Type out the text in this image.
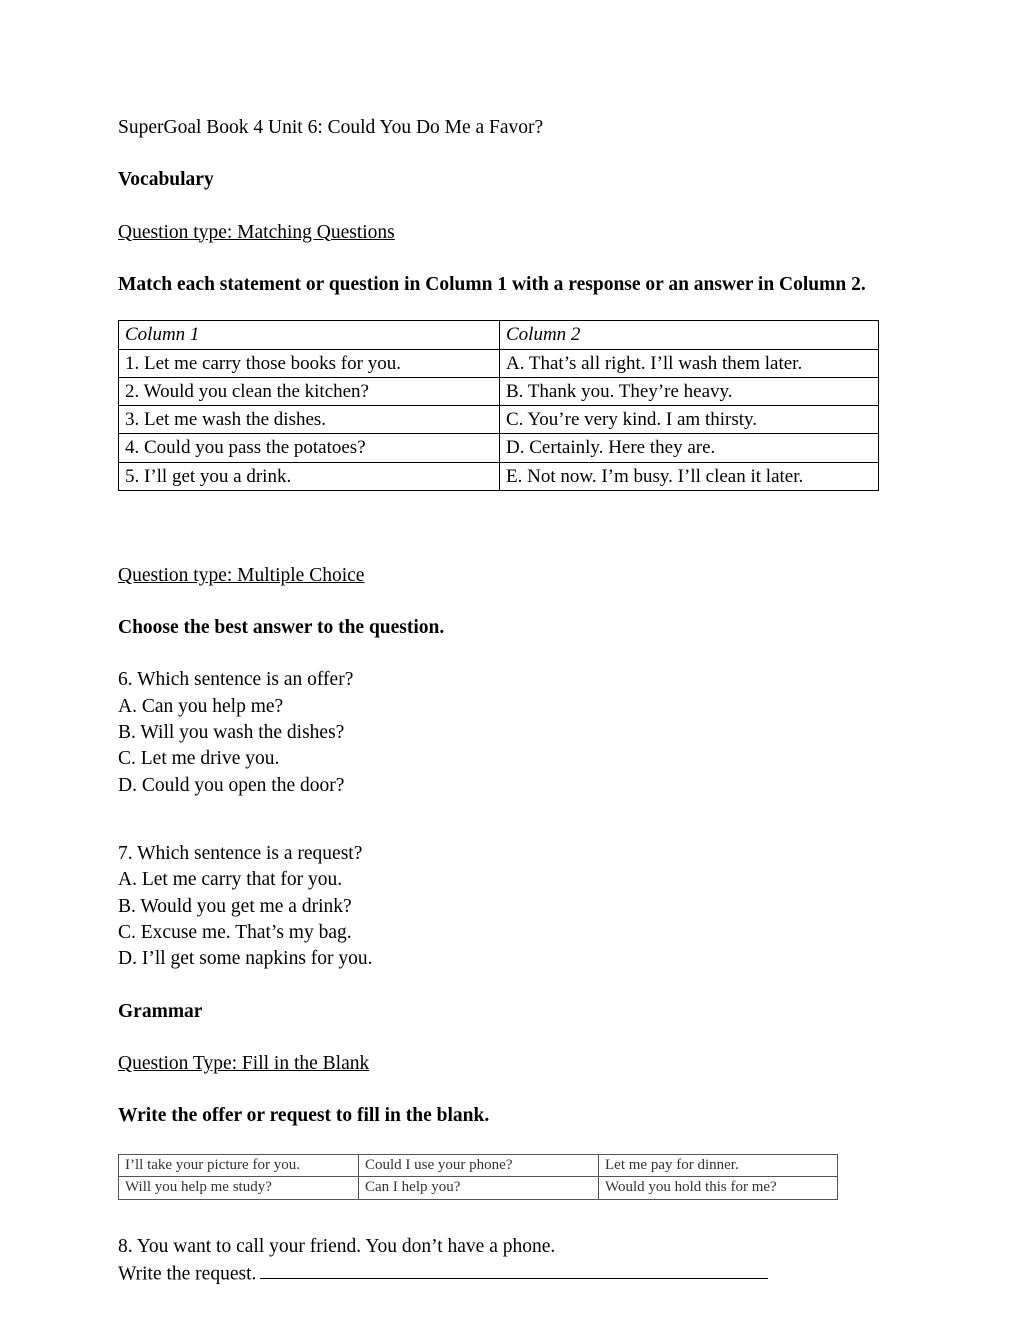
SuperGoal Book 4 Unit 6: Could You Do Me a Favor?

Vocabulary

Question type: Matching Questions

Match each statement or question in Column 1 with a response or an answer in Column 2.

Column 1	Column 2
1. Let me carry those books for you.	A. That’s all right. I’ll wash them later.
2. Would you clean the kitchen?	B. Thank you. They’re heavy.
3. Let me wash the dishes.	C. You’re very kind. I am thirsty.
4. Could you pass the potatoes?	D. Certainly. Here they are.
5. I’ll get you a drink.	E. Not now. I’m busy. I’ll clean it later.

Question type: Multiple Choice

Choose the best answer to the question.

6. Which sentence is an offer?

A. Can you help me?

B. Will you wash the dishes?

C. Let me drive you.

D. Could you open the door?

7. Which sentence is a request?

A. Let me carry that for you.

B. Would you get me a drink?

C. Excuse me. That’s my bag.

D. I’ll get some napkins for you.

Grammar

Question Type: Fill in the Blank

Write the offer or request to fill in the blank.

I’ll take your picture for you.	Could I use your phone?	Let me pay for dinner.
Will you help me study?	Can I help you?	Would you hold this for me?

8. You want to call your friend. You don’t have a phone.

Write the request.
